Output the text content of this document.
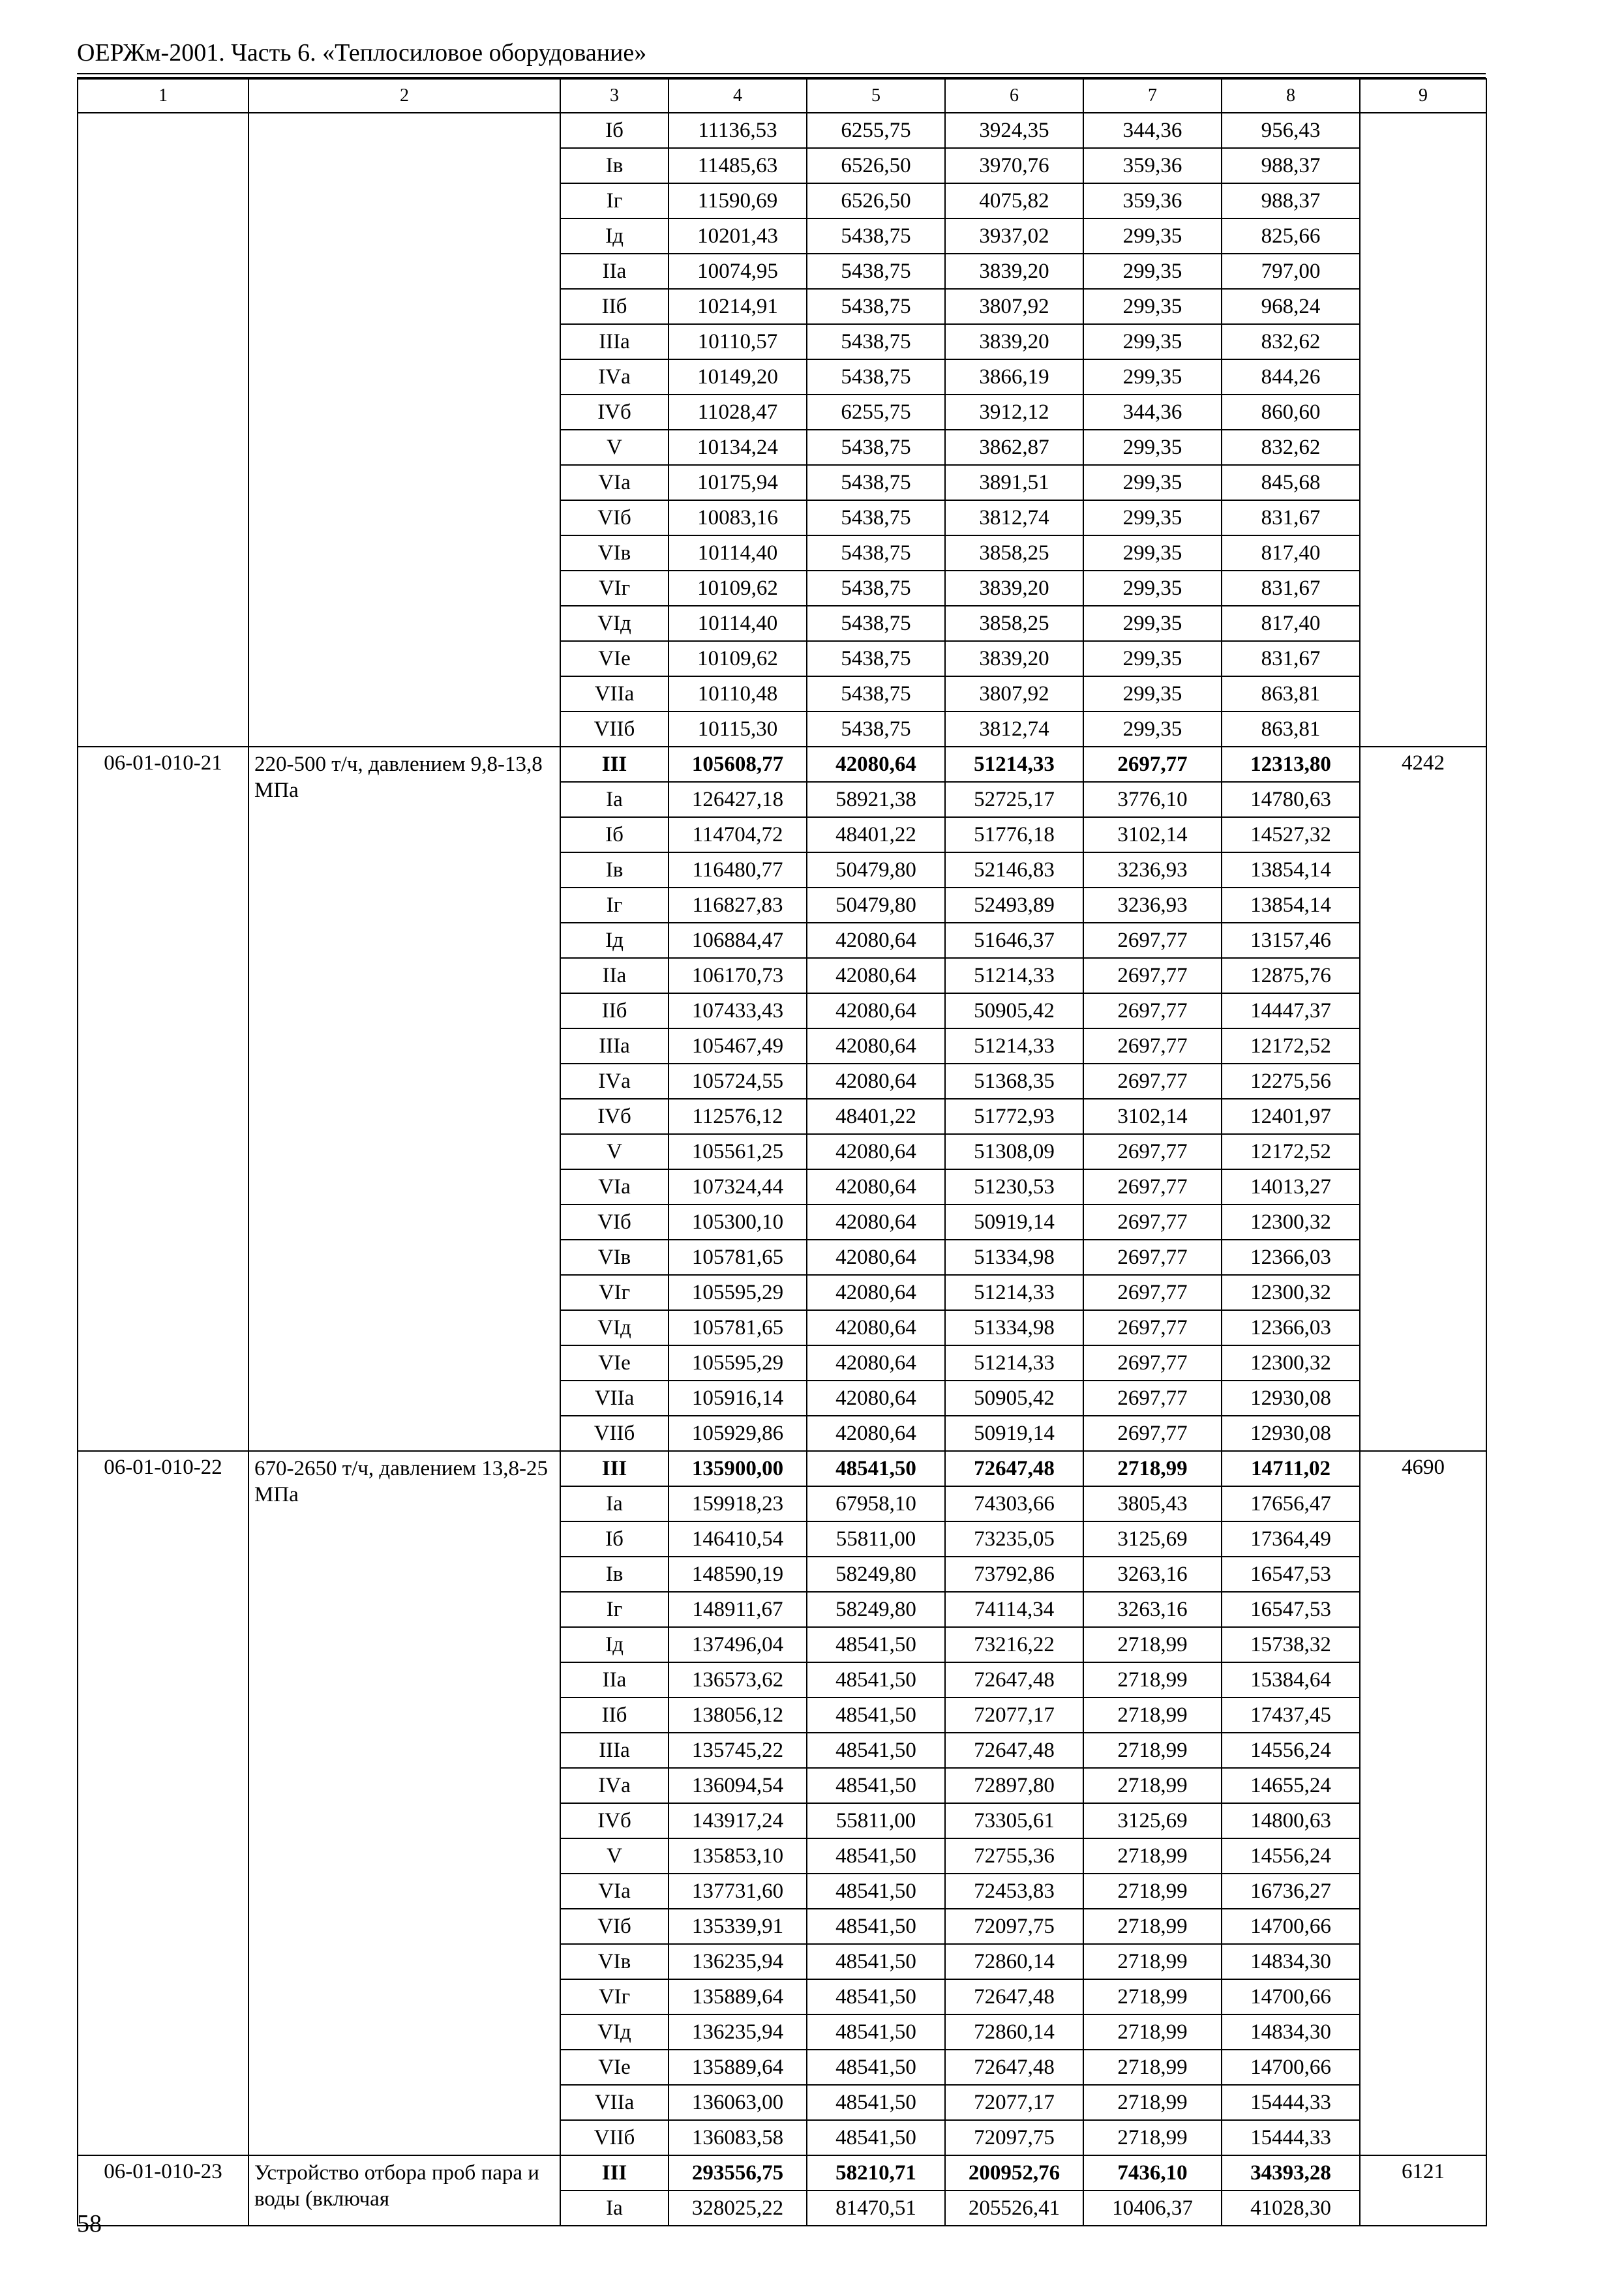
ОЕРЖм-2001. Часть 6. «Теплосиловое оборудование»
1	2	3	4	5	6	7	8	9
		Iб	11136,53	6255,75	3924,35	344,36	956,43	
		Iв	11485,63	6526,50	3970,76	359,36	988,37	
		Iг	11590,69	6526,50	4075,82	359,36	988,37	
		Iд	10201,43	5438,75	3937,02	299,35	825,66	
		IIа	10074,95	5438,75	3839,20	299,35	797,00	
		IIб	10214,91	5438,75	3807,92	299,35	968,24	
		IIIа	10110,57	5438,75	3839,20	299,35	832,62	
		IVа	10149,20	5438,75	3866,19	299,35	844,26	
		IVб	11028,47	6255,75	3912,12	344,36	860,60	
		V	10134,24	5438,75	3862,87	299,35	832,62	
		VIа	10175,94	5438,75	3891,51	299,35	845,68	
		VIб	10083,16	5438,75	3812,74	299,35	831,67	
		VIв	10114,40	5438,75	3858,25	299,35	817,40	
		VIг	10109,62	5438,75	3839,20	299,35	831,67	
		VIд	10114,40	5438,75	3858,25	299,35	817,40	
		VIе	10109,62	5438,75	3839,20	299,35	831,67	
		VIIа	10110,48	5438,75	3807,92	299,35	863,81	
		VIIб	10115,30	5438,75	3812,74	299,35	863,81	
06-01-010-21	220-500 т/ч, давлением 9,8-13,8 МПа	III	105608,77	42080,64	51214,33	2697,77	12313,80	4242
		Iа	126427,18	58921,38	52725,17	3776,10	14780,63	
		Iб	114704,72	48401,22	51776,18	3102,14	14527,32	
		Iв	116480,77	50479,80	52146,83	3236,93	13854,14	
		Iг	116827,83	50479,80	52493,89	3236,93	13854,14	
		Iд	106884,47	42080,64	51646,37	2697,77	13157,46	
		IIа	106170,73	42080,64	51214,33	2697,77	12875,76	
		IIб	107433,43	42080,64	50905,42	2697,77	14447,37	
		IIIа	105467,49	42080,64	51214,33	2697,77	12172,52	
		IVа	105724,55	42080,64	51368,35	2697,77	12275,56	
		IVб	112576,12	48401,22	51772,93	3102,14	12401,97	
		V	105561,25	42080,64	51308,09	2697,77	12172,52	
		VIа	107324,44	42080,64	51230,53	2697,77	14013,27	
		VIб	105300,10	42080,64	50919,14	2697,77	12300,32	
		VIв	105781,65	42080,64	51334,98	2697,77	12366,03	
		VIг	105595,29	42080,64	51214,33	2697,77	12300,32	
		VIд	105781,65	42080,64	51334,98	2697,77	12366,03	
		VIе	105595,29	42080,64	51214,33	2697,77	12300,32	
		VIIа	105916,14	42080,64	50905,42	2697,77	12930,08	
		VIIб	105929,86	42080,64	50919,14	2697,77	12930,08	
06-01-010-22	670-2650 т/ч, давлением 13,8-25 МПа	III	135900,00	48541,50	72647,48	2718,99	14711,02	4690
		Iа	159918,23	67958,10	74303,66	3805,43	17656,47	
		Iб	146410,54	55811,00	73235,05	3125,69	17364,49	
		Iв	148590,19	58249,80	73792,86	3263,16	16547,53	
		Iг	148911,67	58249,80	74114,34	3263,16	16547,53	
		Iд	137496,04	48541,50	73216,22	2718,99	15738,32	
		IIа	136573,62	48541,50	72647,48	2718,99	15384,64	
		IIб	138056,12	48541,50	72077,17	2718,99	17437,45	
		IIIа	135745,22	48541,50	72647,48	2718,99	14556,24	
		IVа	136094,54	48541,50	72897,80	2718,99	14655,24	
		IVб	143917,24	55811,00	73305,61	3125,69	14800,63	
		V	135853,10	48541,50	72755,36	2718,99	14556,24	
		VIа	137731,60	48541,50	72453,83	2718,99	16736,27	
		VIб	135339,91	48541,50	72097,75	2718,99	14700,66	
		VIв	136235,94	48541,50	72860,14	2718,99	14834,30	
		VIг	135889,64	48541,50	72647,48	2718,99	14700,66	
		VIд	136235,94	48541,50	72860,14	2718,99	14834,30	
		VIе	135889,64	48541,50	72647,48	2718,99	14700,66	
		VIIа	136063,00	48541,50	72077,17	2718,99	15444,33	
		VIIб	136083,58	48541,50	72097,75	2718,99	15444,33	
06-01-010-23	Устройство отбора проб пара и воды (включая	III	293556,75	58210,71	200952,76	7436,10	34393,28	6121
		Iа	328025,22	81470,51	205526,41	10406,37	41028,30	
58
